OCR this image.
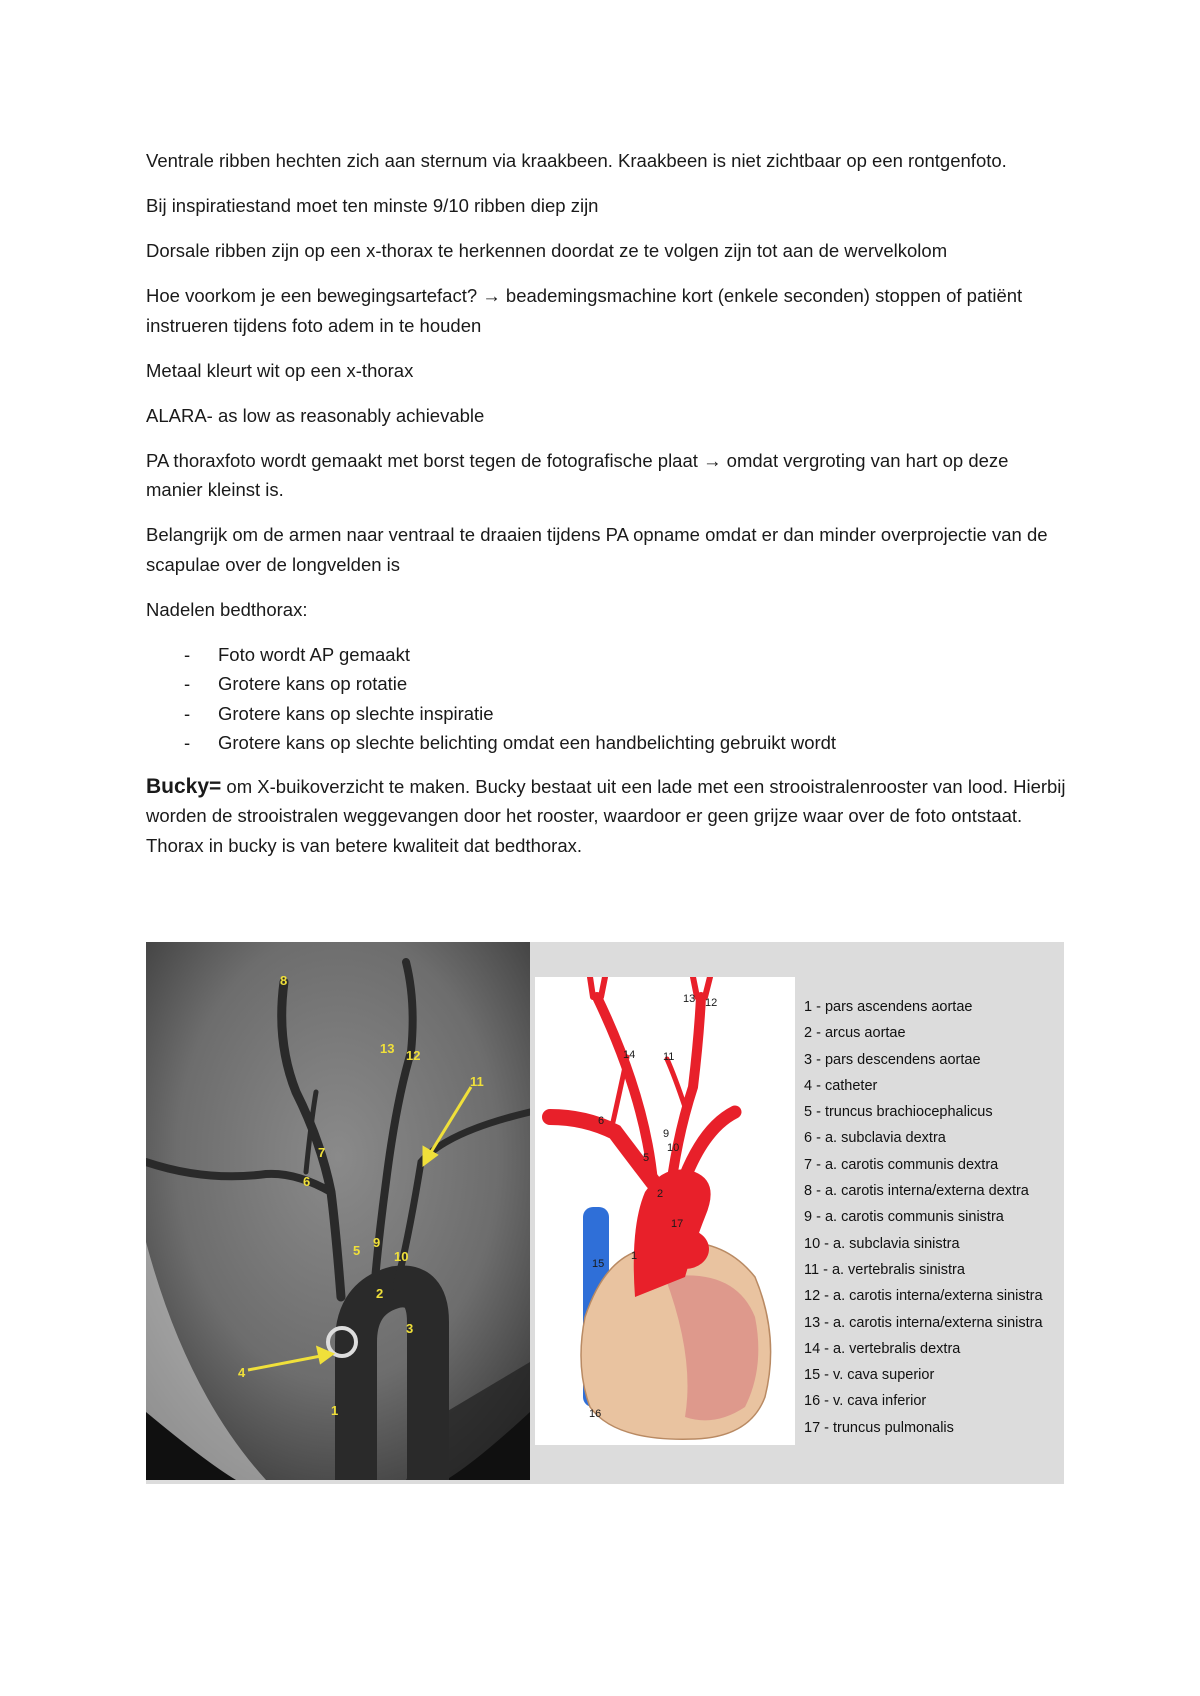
Ventrale ribben hechten zich aan sternum via kraakbeen. Kraakbeen is niet zichtbaar op een rontgenfoto.

Bij inspiratiestand moet ten minste 9/10 ribben diep zijn

Dorsale ribben zijn op een x-thorax te herkennen doordat ze te volgen zijn tot aan de wervelkolom

Hoe voorkom je een bewegingsartefact? → beademingsmachine kort (enkele seconden) stoppen of patiënt instrueren tijdens foto adem in te houden

Metaal kleurt wit op een x-thorax

ALARA- as low as reasonably achievable

PA thoraxfoto wordt gemaakt met borst tegen de fotografische plaat → omdat vergroting van hart op deze manier kleinst is.

Belangrijk om de armen naar ventraal te draaien tijdens PA opname omdat er dan minder overprojectie van de scapulae over de longvelden is

Nadelen bedthorax:

- Foto wordt AP gemaakt
- Grotere kans op rotatie
- Grotere kans op slechte inspiratie
- Grotere kans op slechte belichting omdat een handbelichting gebruikt wordt

Bucky= om X-buikoverzicht te maken. Bucky bestaat uit een lade met een strooistralenrooster van lood. Hierbij worden de strooistralen weggevangen door het rooster, waardoor er geen grijze waar over de foto ontstaat.

Thorax in bucky is van betere kwaliteit dat bedthorax.

8
13 12
11
7
6
5
9
10
2
3
4
1
13 12
14	11
6
9
5
10
2
17
15
1
16
1 - pars ascendens aortae
2 - arcus aortae
3 - pars descendens aortae
4 - catheter
5 - truncus brachiocephalicus
6 - a. subclavia dextra
7 - a. carotis communis dextra
8 - a. carotis interna/externa dextra
9 - a. carotis communis sinistra
10 - a. subclavia sinistra
11 - a. vertebralis sinistra
12 - a. carotis interna/externa sinistra
13 - a. carotis interna/externa sinistra
14 - a. vertebralis dextra
15 - v. cava superior
16 - v. cava inferior
17 - truncus pulmonalis
